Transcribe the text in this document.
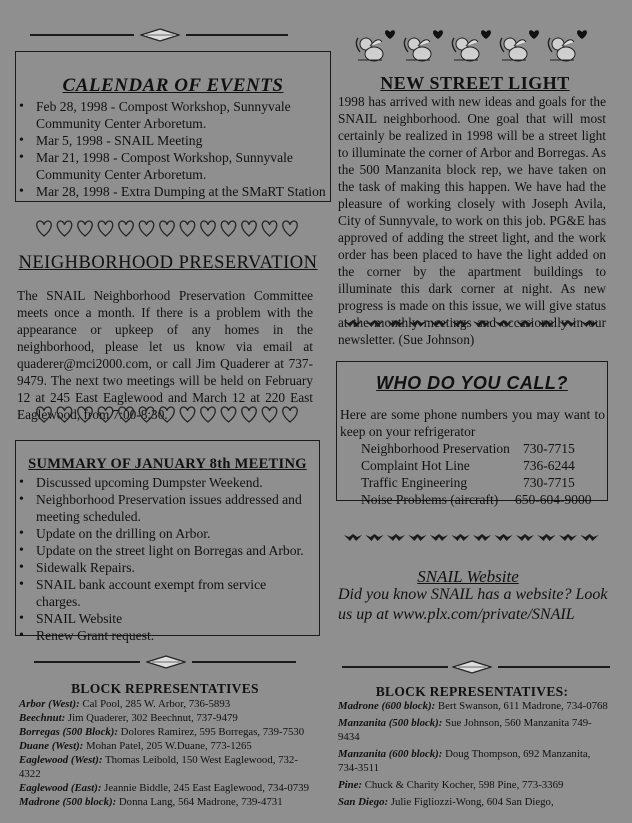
CALENDAR OF EVENTS
• Feb 28, 1998 - Compost Workshop, Sunnyvale Community Center Arboretum.
• Mar 5, 1998 - SNAIL Meeting
• Mar 21, 1998 - Compost Workshop, Sunnyvale Community Center Arboretum.
• Mar 28, 1998 - Extra Dumping at the SMaRT Station
NEIGHBORHOOD PRESERVATION
The SNAIL Neighborhood Preservation Committee meets once a month. If there is a problem with the appearance or upkeep of any homes in the neighborhood, please let us know via email at quaderer@mci2000.com, or call Jim Quaderer at 737-9479. The next two meetings will be held on February 12 at 245 East Eaglewood and March 12 at 220 East Eaglewood, from 7:00-8:30.
SUMMARY OF JANUARY 8th MEETING
• Discussed upcoming Dumpster Weekend.
• Neighborhood Preservation issues addressed and meeting scheduled.
• Update on the drilling on Arbor.
• Update on the street light on Borregas and Arbor.
• Sidewalk Repairs.
• SNAIL bank account exempt from service charges.
• SNAIL Website
• Renew Grant request.
BLOCK REPRESENTATIVES
Arbor (West): Cal Pool, 285 W. Arbor, 736-5893
Beechnut: Jim Quaderer, 302 Beechnut, 737-9479
Borregas (500 Block): Dolores Ramirez, 595 Borregas, 739-7530
Duane (West): Mohan Patel, 205 W.Duane, 773-1265
Eaglewood (West): Thomas Leibold, 150 West Eaglewood, 732-4322
Eaglewood (East): Jeannie Biddle, 245 East Eaglewood, 734-0739
Madrone (500 block): Donna Lang, 564 Madrone, 739-4731
NEW STREET LIGHT
1998 has arrived with new ideas and goals for the SNAIL neighborhood. One goal that will most certainly be realized in 1998 will be a street light to illuminate the corner of Arbor and Borregas. As the 500 Manzanita block rep, we have taken on the task of making this happen. We have had the pleasure of working closely with Joseph Avila, City of Sunnyvale, to work on this job. PG&E has approved of adding the street light, and the work order has been placed to have the light added on the corner by the apartment buildings to illuminate this dark corner at night. As new progress is made on this issue, we will give status at the monthly meetings and occasionally in our newsletter. (Sue Johnson)
WHO DO YOU CALL?
Here are some phone numbers you may want to keep on your refrigerator
Neighborhood Preservation 730-7715
Complaint Hot Line	736-6244
Traffic Engineering	730-7715
Noise Problems (aircraft)	650-604-9000
SNAIL Website
Did you know SNAIL has a website? Look us up at www.plx.com/private/SNAIL
BLOCK REPRESENTATIVES:
Madrone (600 block): Bert Swanson, 611 Madrone, 734-0768
Manzanita (500 block): Sue Johnson, 560 Manzanita 749-9434
Manzanita (600 block): Doug Thompson, 692 Manzanita, 734-3511
Pine: Chuck & Charity Kocher, 598 Pine, 773-3369
San Diego: Julie Figliozzi-Wong, 604 San Diego,
